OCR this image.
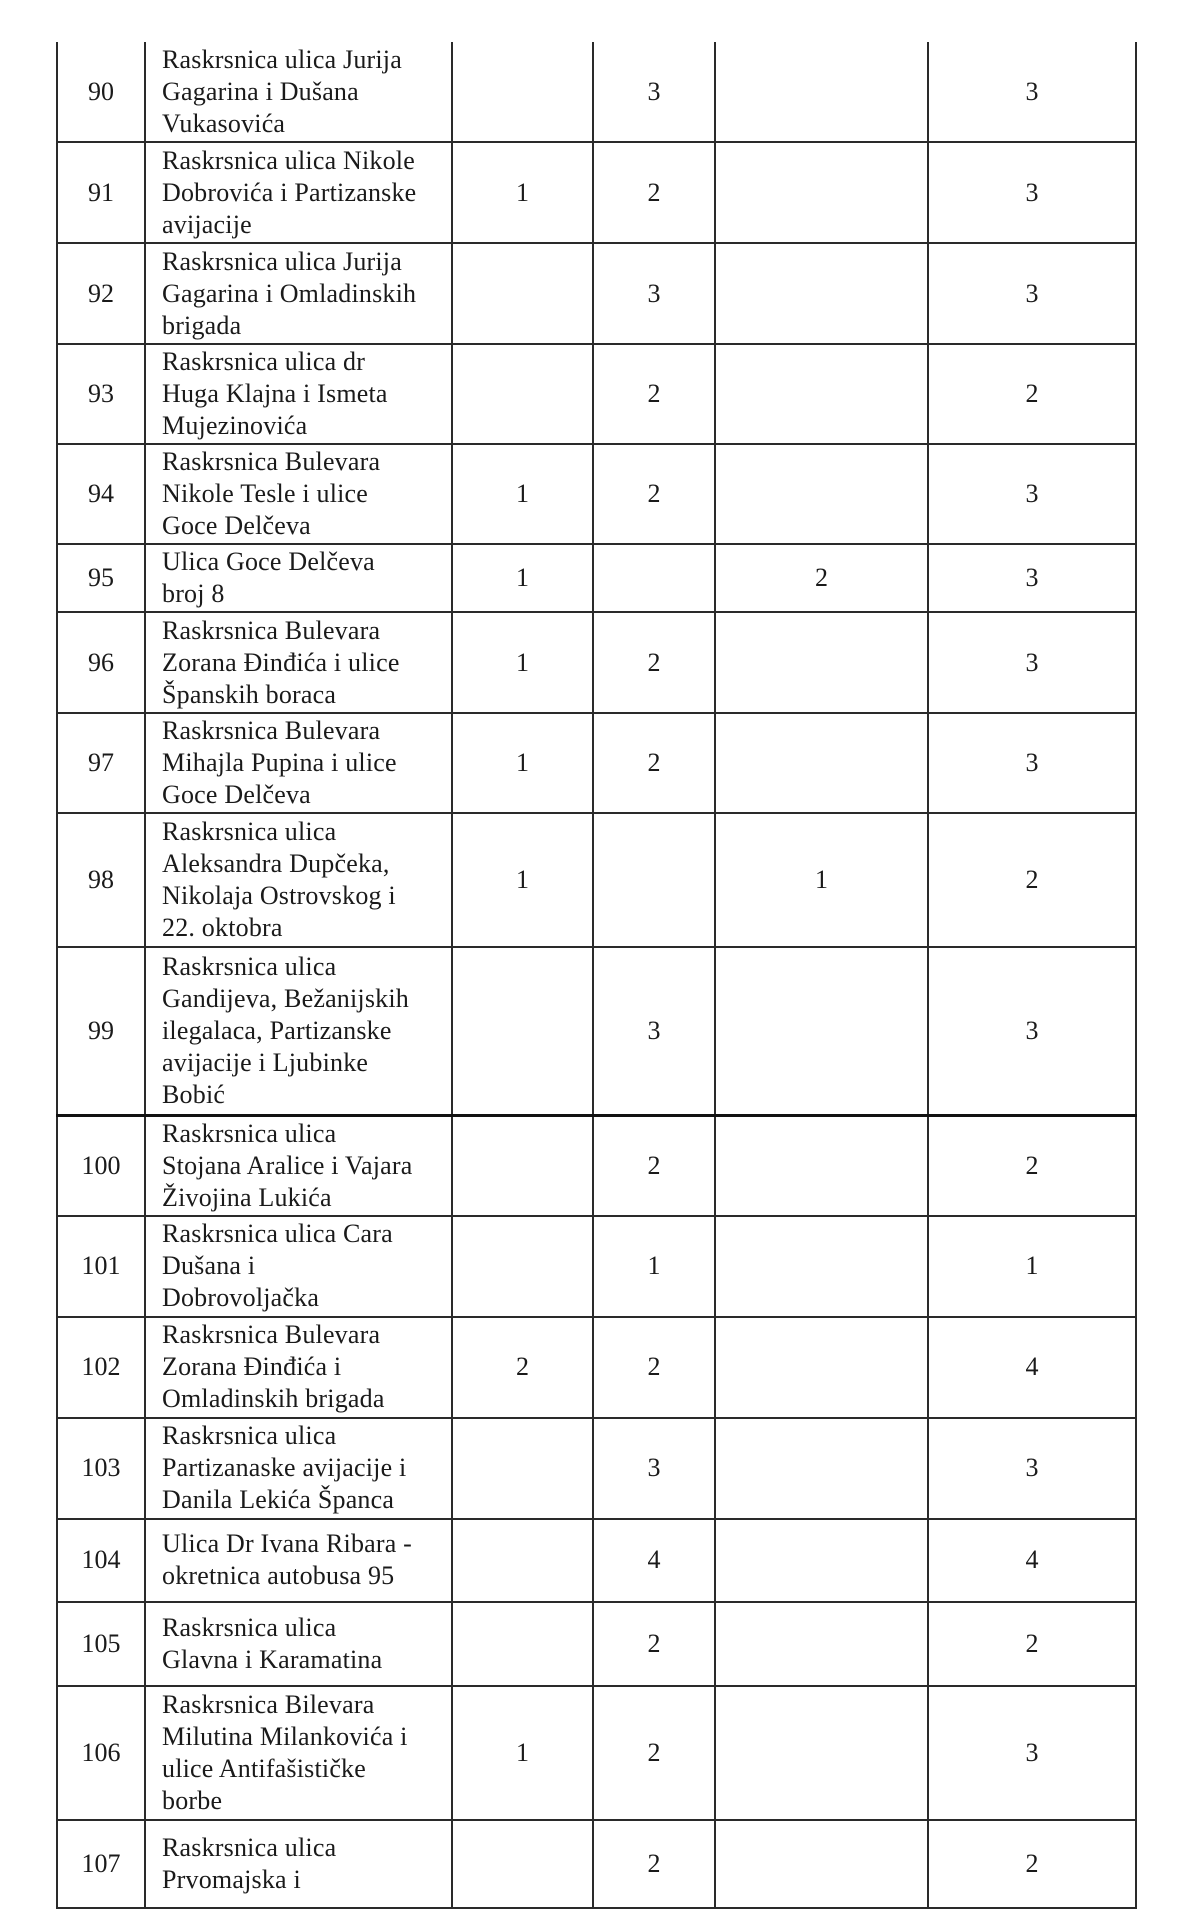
90	Raskrsnica ulica Jurija
Gagarina i Dušana
Vukasovića		3		3
91	Raskrsnica ulica Nikole
Dobrovića i Partizanske
avijacije	1	2		3
92	Raskrsnica ulica Jurija
Gagarina i Omladinskih
brigada		3		3
93	Raskrsnica ulica dr
Huga Klajna i Ismeta
Mujezinovića		2		2
94	Raskrsnica Bulevara
Nikole Tesle i ulice
Goce Delčeva	1	2		3
95	Ulica Goce Delčeva
broj 8	1		2	3
96	Raskrsnica Bulevara
Zorana Đinđića i ulice
Španskih boraca	1	2		3
97	Raskrsnica Bulevara
Mihajla Pupina i ulice
Goce Delčeva	1	2		3
98	Raskrsnica ulica
Aleksandra Dupčeka,
Nikolaja Ostrovskog i
22. oktobra	1		1	2
99	Raskrsnica ulica
Gandijeva, Bežanijskih
ilegalaca, Partizanske
avijacije i Ljubinke
Bobić		3		3
100	Raskrsnica ulica
Stojana Aralice i Vajara
Živojina Lukića		2		2
101	Raskrsnica ulica Cara
Dušana i
Dobrovoljačka		1		1
102	Raskrsnica Bulevara
Zorana Đinđića i
Omladinskih brigada	2	2		4
103	Raskrsnica ulica
Partizanaske avijacije i
Danila Lekića Španca		3		3
104	Ulica Dr Ivana Ribara -
okretnica autobusa 95		4		4
105	Raskrsnica ulica
Glavna i Karamatina		2		2
106	Raskrsnica Bilevara
Milutina Milankovića i
ulice Antifašističke
borbe	1	2		3
107	Raskrsnica ulica
Prvomajska i		2		2
